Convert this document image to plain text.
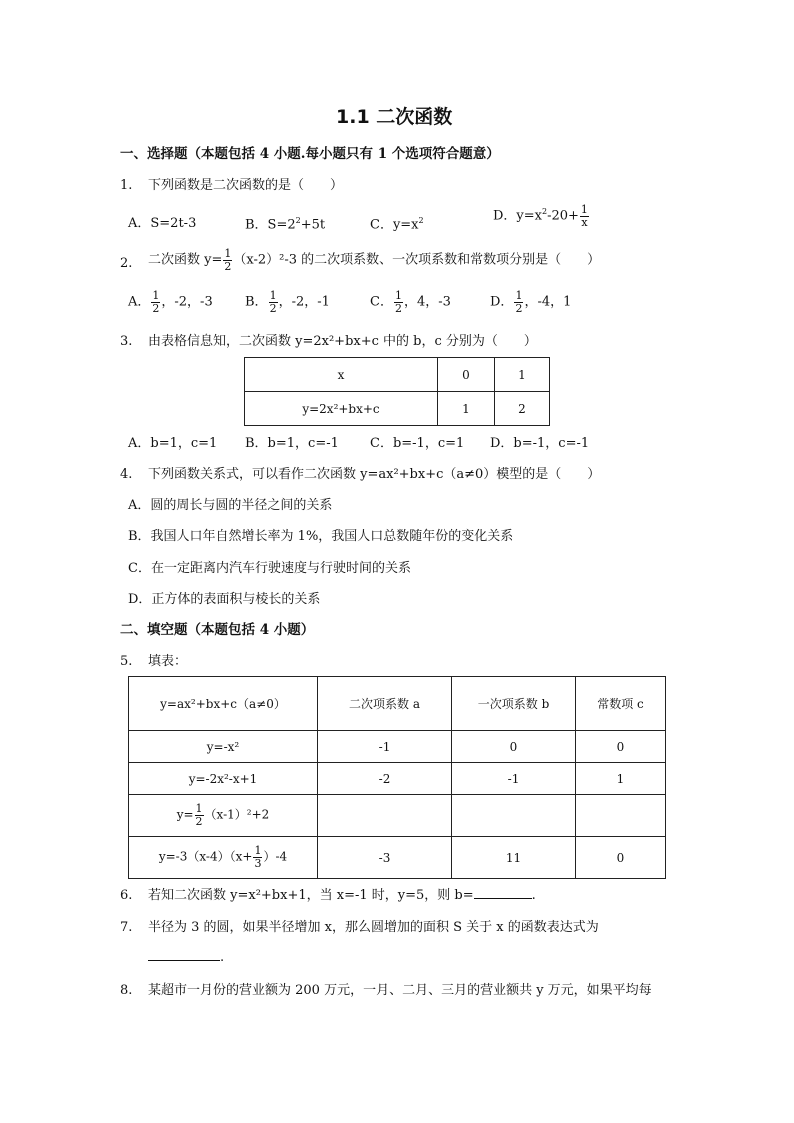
1.1 二次函数
一、选择题（本题包括 4 小题.每小题只有 1 个选项符合题意）
1. 下列函数是二次函数的是（　　）
A．S=2t-3	B．$S=2^2+5t$	C．$y=x^2$	D．$y=x^2-20+ \frac{1}{x}$
2. 二次函数 $y= \frac{1}{2} (x-2)^2-3$ 的二次项系数、一次项系数和常数项分别是（　　）
A． $\frac{1}{2}$ ，-2，-3 B． $\frac{1}{2}$ ，-2，-1	C． $\frac{1}{2}$ ，4，-3	D． $\frac{1}{2}$ ，-4，1
3. 由表格信息知，二次函数 y=2x²+bx+c 中的 b，c 分别为（　　）
x	0	1
y=2x²+bx+c	1	2
A．b=1，c=1 B．b=1，c=-1 C．b=-1，c=1 D．b=-1，c=-1
4. 下列函数关系式，可以看作二次函数 y=ax²+bx+c（a≠0）模型的是（　　）
A．圆的周长与圆的半径之间的关系
B．我国人口年自然增长率为 1%，我国人口总数随年份的变化关系
C．在一定距离内汽车行驶速度与行驶时间的关系
D．正方体的表面积与棱长的关系
二、填空题（本题包括 4 小题）
5. 填表：
y=ax²+bx+c（a≠0）	二次项系数 a	一次项系数 b	常数项 c
y=-x²	-1	0	0
y=-2x²-x+1	-2	-1	1
$y= \frac{1}{2} (x-1)^2+2$			
$y=-3(x-4)(x+ \frac{1}{3} )-4$	-3	11	0
6. 若知二次函数 y=x²+bx+1，当 x=-1 时，y=5，则 b=	.
7. 半径为 3 的圆，如果半径增加 x，那么圆增加的面积 S 关于 x 的函数表达式为
.
8. 某超市一月份的营业额为 200 万元，一月、二月、三月的营业额共 y 万元，如果平均每
